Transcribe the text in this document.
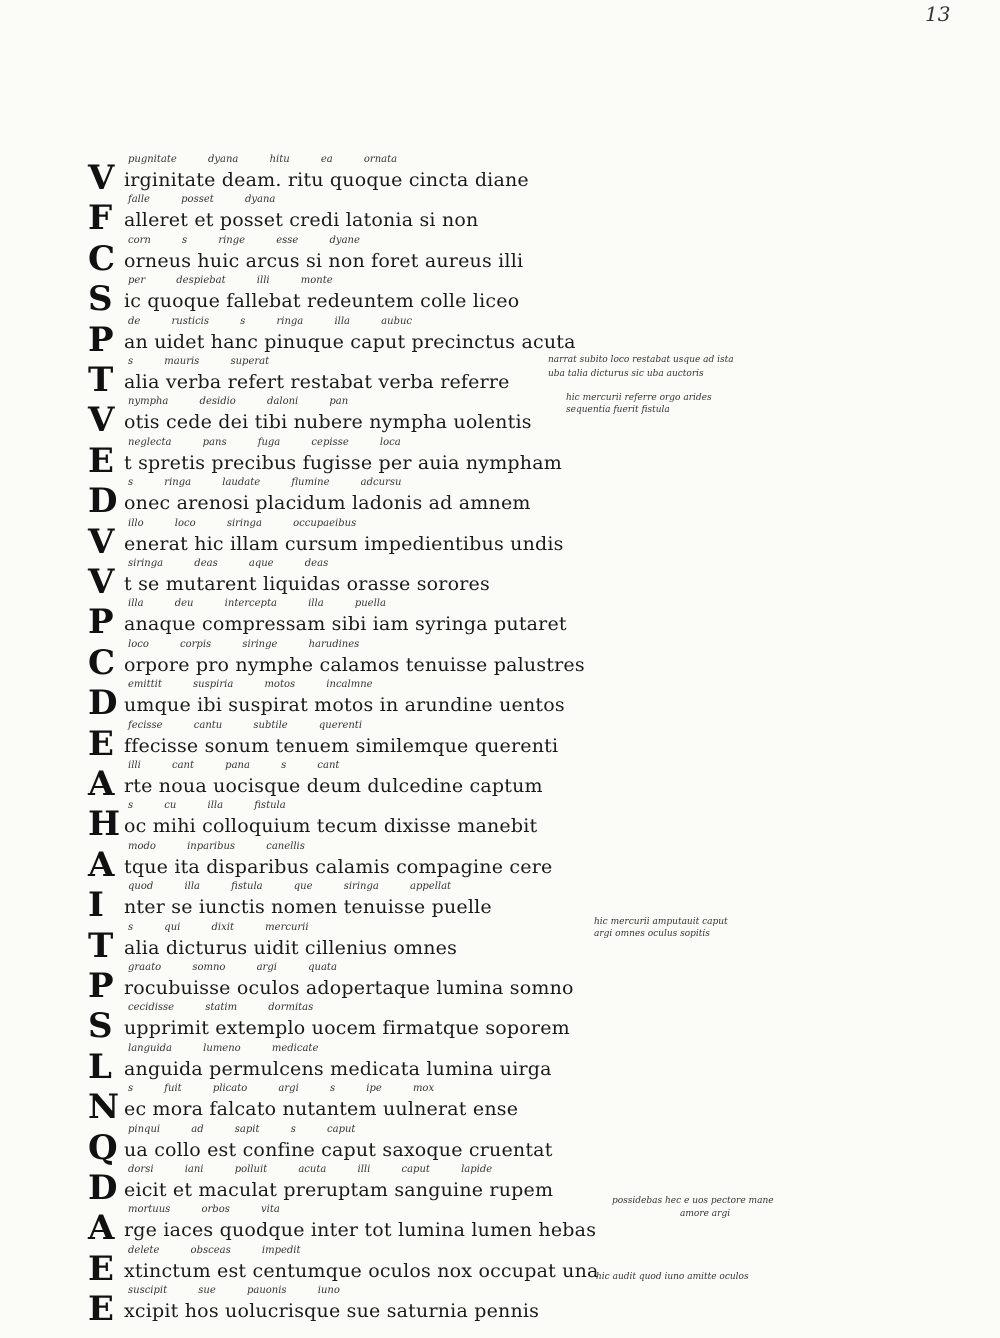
13
pugnitate dyana hitu ea ornata
V irginitate deam. ritu quoque cincta diane
falle posset dyana
F alleret et posset credi latonia si non
corn s ringe esse dyane
C orneus huic arcus si non foret aureus illi
per despiebat illi monte
S ic quoque fallebat redeuntem colle liceo
de rusticis s ringa illa aubuc
P an uidet hanc pinuque caput precinctus acuta
s mauris superat
T alia verba refert restabat verba referre
nympha desidio daloni pan
V otis cede dei tibi nubere nympha uolentis
neglecta pans fuga cepisse loca
E t spretis precibus fugisse per auia nympham
s ringa laudate flumine adcursu
D onec arenosi placidum ladonis ad amnem
illo loco siringa occupaeibus
V enerat hic illam cursum impedientibus undis
siringa deas aque deas
V t se mutarent liquidas orasse sorores
illa deu intercepta illa puella
P anaque compressam sibi iam syringa putaret
loco corpis siringe harudines
C orpore pro nymphe calamos tenuisse palustres
emittit suspiria motos incalmne
D umque ibi suspirat motos in arundine uentos
fecisse cantu subtile querenti
E ffecisse sonum tenuem similemque querenti
illi cant pana s cant
A rte noua uocisque deum dulcedine captum
s cu illa fistula
H oc mihi colloquium tecum dixisse manebit
modo inparibus canellis
A tque ita disparibus calamis compagine cere
quod illa fistula que siringa appellat
I nter se iunctis nomen tenuisse puelle
s qui dixit mercurii
T alia dicturus uidit cillenius omnes
graato somno argi quata
P rocubuisse oculos adopertaque lumina somno
cecidisse statim dormitas
S upprimit extemplo uocem firmatque soporem
languida lumeno medicate
L anguida permulcens medicata lumina uirga
s fuit plicato argi s ipe mox
N ec mora falcato nutantem uulnerat ense
pinqui ad sapit s caput
Q ua collo est confine caput saxoque cruentat
dorsi iani polluit acuta illi caput lapide
D eicit et maculat preruptam sanguine rupem
mortuus orbos vita
A rge iaces quodque inter tot lumina lumen hebas
delete obsceas impedit
E xtinctum est centumque oculos nox occupat una
suscipit sue pauonis iuno
E xcipit hos uolucrisque sue saturnia pennis
narrat subito loco restabat usque ad ista
uba talia dicturus sic uba auctoris
hic mercurii referre orgo arides
sequentia fuerit fistula
hic mercurii amputauit caput
argi omnes oculus sopitis
possidebas hec e uos pectore mane
amore argi
hic audit quod iuno amitte oculos
